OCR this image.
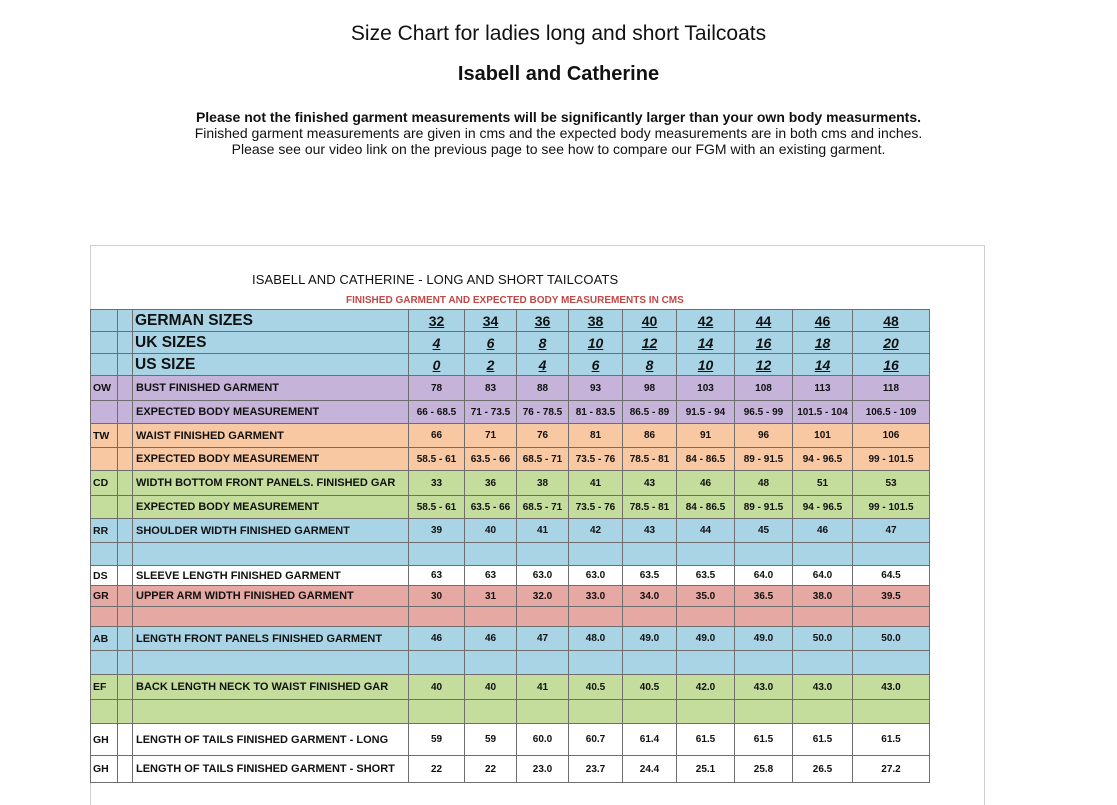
Size Chart for ladies long and short Tailcoats
Isabell and Catherine
Please not the finished garment measurements will be significantly larger than your own body measurments.
Finished garment measurements are given in cms and the expected body measurements are in both cms and inches.
Please see our video link on the previous page to see how to compare our FGM with an existing garment.
ISABELL AND CATHERINE - LONG AND SHORT TAILCOATS
FINISHED GARMENT AND EXPECTED BODY MEASUREMENTS IN CMS
		GERMAN SIZES	32	34	36	38	40	42	44	46	48
		UK SIZES	4	6	8	10	12	14	16	18	20
		US SIZE	0	2	4	6	8	10	12	14	16
OW		BUST FINISHED GARMENT	78	83	88	93	98	103	108	113	118
		EXPECTED BODY MEASUREMENT	66 - 68.5	71 - 73.5	76 - 78.5	81 - 83.5	86.5 - 89	91.5 - 94	96.5 - 99	101.5 - 104	106.5 - 109
TW		WAIST FINISHED GARMENT	66	71	76	81	86	91	96	101	106
		EXPECTED BODY MEASUREMENT	58.5 - 61	63.5 - 66	68.5 - 71	73.5 - 76	78.5 - 81	84 - 86.5	89 - 91.5	94 - 96.5	99 - 101.5
CD		WIDTH BOTTOM FRONT PANELS. FINISHED GAR	33	36	38	41	43	46	48	51	53
		EXPECTED BODY MEASUREMENT	58.5 - 61	63.5 - 66	68.5 - 71	73.5 - 76	78.5 - 81	84 - 86.5	89 - 91.5	94 - 96.5	99 - 101.5
RR		SHOULDER WIDTH FINISHED GARMENT	39	40	41	42	43	44	45	46	47

DS		SLEEVE LENGTH FINISHED GARMENT	63	63	63.0	63.0	63.5	63.5	64.0	64.0	64.5
GR		UPPER ARM WIDTH FINISHED GARMENT	30	31	32.0	33.0	34.0	35.0	36.5	38.0	39.5

AB		LENGTH FRONT PANELS FINISHED GARMENT	46	46	47	48.0	49.0	49.0	49.0	50.0	50.0

EF		BACK LENGTH NECK TO WAIST FINISHED GAR	40	40	41	40.5	40.5	42.0	43.0	43.0	43.0

GH		LENGTH OF TAILS FINISHED GARMENT - LONG	59	59	60.0	60.7	61.4	61.5	61.5	61.5	61.5
GH		LENGTH OF TAILS FINISHED GARMENT - SHORT	22	22	23.0	23.7	24.4	25.1	25.8	26.5	27.2
